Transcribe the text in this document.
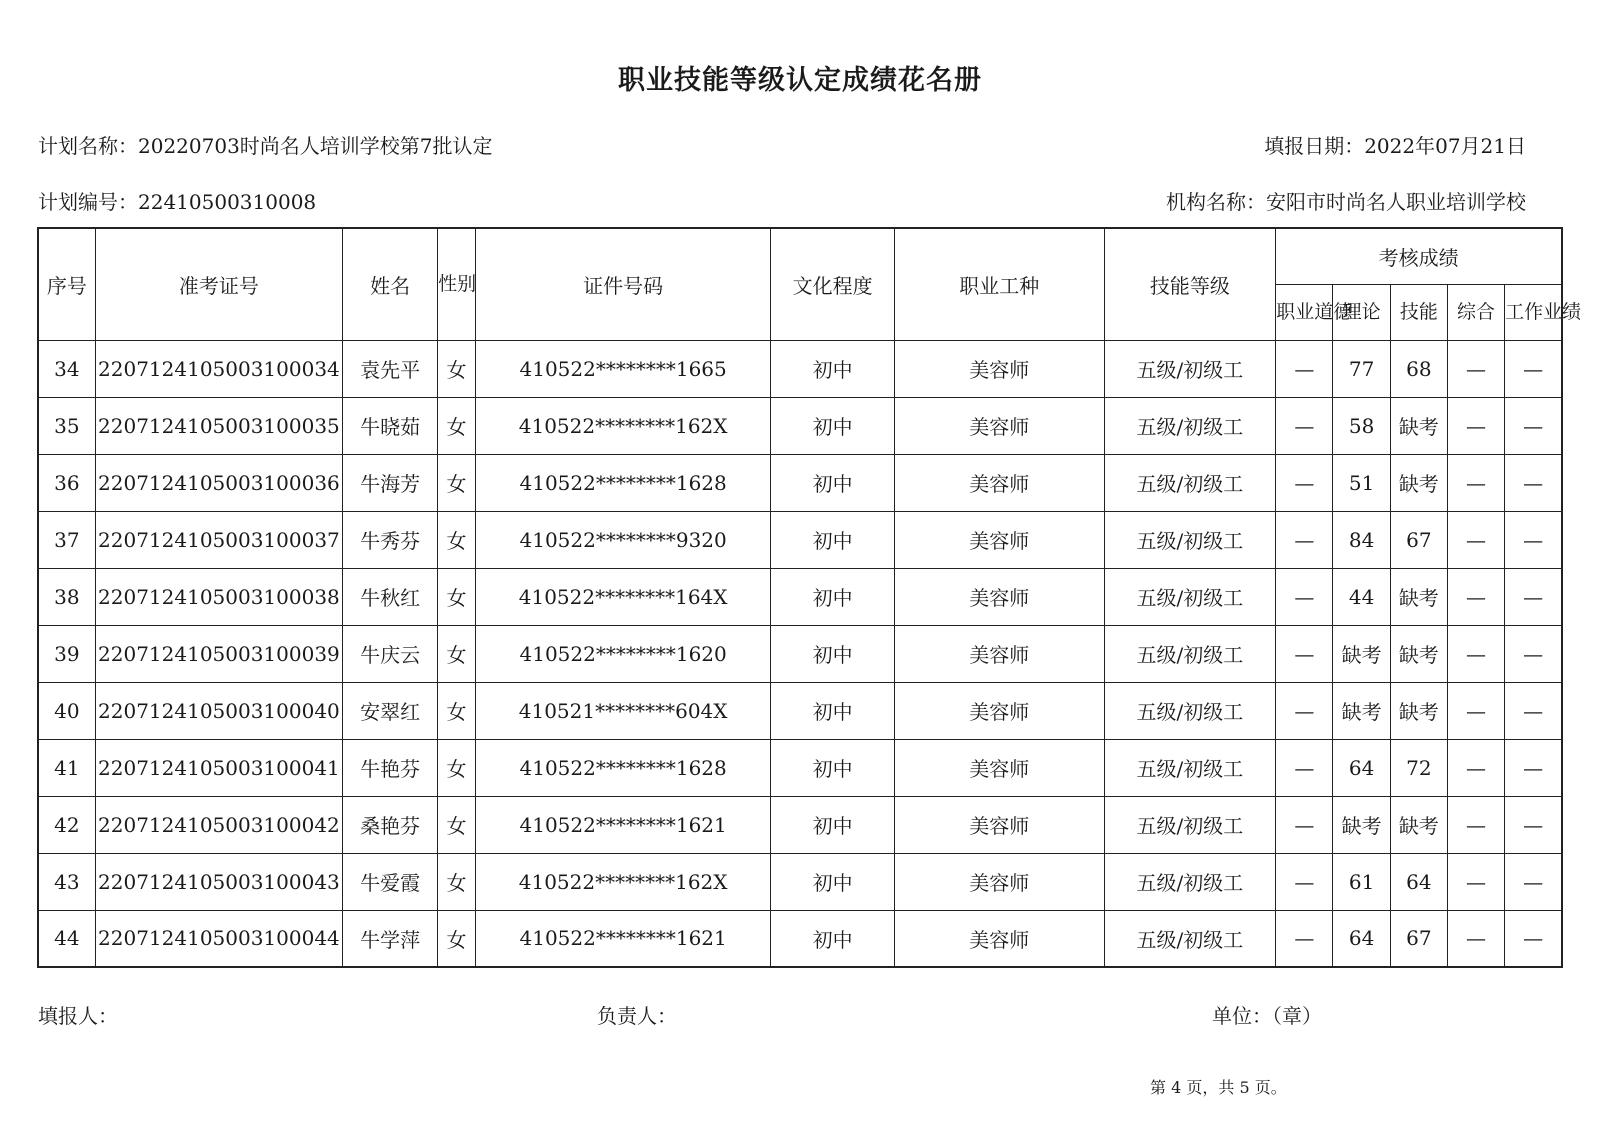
职业技能等级认定成绩花名册
计划名称：20220703时尚名人培训学校第7批认定	填报日期：2022年07月21日
计划编号：22410500310008	机构名称：安阳市时尚名人职业培训学校
序号	准考证号	姓名	性别	证件号码	文化程度	职业工种	技能等级	考核成绩				
								职业道德	理论	技能	综合	工作业绩
34	2207124105003100034	袁先平	女	410522********1665	初中	美容师	五级/初级工	—	77	68	—	—
35	2207124105003100035	牛晓茹	女	410522********162X	初中	美容师	五级/初级工	—	58	缺考	—	—
36	2207124105003100036	牛海芳	女	410522********1628	初中	美容师	五级/初级工	—	51	缺考	—	—
37	2207124105003100037	牛秀芬	女	410522********9320	初中	美容师	五级/初级工	—	84	67	—	—
38	2207124105003100038	牛秋红	女	410522********164X	初中	美容师	五级/初级工	—	44	缺考	—	—
39	2207124105003100039	牛庆云	女	410522********1620	初中	美容师	五级/初级工	—	缺考	缺考	—	—
40	2207124105003100040	安翠红	女	410521********604X	初中	美容师	五级/初级工	—	缺考	缺考	—	—
41	2207124105003100041	牛艳芬	女	410522********1628	初中	美容师	五级/初级工	—	64	72	—	—
42	2207124105003100042	桑艳芬	女	410522********1621	初中	美容师	五级/初级工	—	缺考	缺考	—	—
43	2207124105003100043	牛爱霞	女	410522********162X	初中	美容师	五级/初级工	—	61	64	—	—
44	2207124105003100044	牛学萍	女	410522********1621	初中	美容师	五级/初级工	—	64	67	—	—
填报人：	负责人：	单位：（章）
第 4 页，共 5 页。
